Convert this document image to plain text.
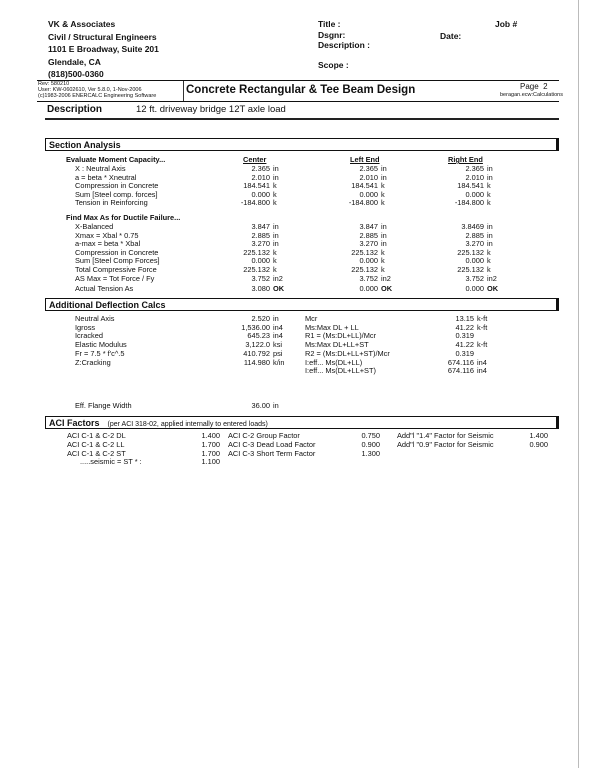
VK & Associates
Civil / Structural Engineers
1101 E Broadway, Suite 201
Glendale, CA
(818)500-0360
Title :
Dsgnr:
Description :
Scope :
Job #
Date:
Rev: 580210
User: KW-0602610, Ver 5.8.0, 1-Nov-2006
(c)1983-2006 ENERCALC Engineering Software	Concrete Rectangular & Tee Beam Design	Page 2
beragan.ecw:Calculations
Description	12 ft. driveway bridge 12T axle load
Section Analysis
Evaluate Moment Capacity...	Center	Left End	Right End
X : Neutral Axis	2.365 in	2.365 in	2.365 in
a = beta * Xneutral	2.010 in	2.010 in	2.010 in
Compression in Concrete	184.541 k	184.541 k	184.541 k
Sum [Steel comp. forces]	0.000 k	0.000 k	0.000 k
Tension in Reinforcing	-184.800 k	-184.800 k	-184.800 k
Find Max As for Ductile Failure...
X-Balanced	3.847 in	3.847 in	3.8469 in
Xmax = Xbal * 0.75	2.885 in	2.885 in	2.885 in
a-max = beta * Xbal	3.270 in	3.270 in	3.270 in
Compression in Concrete	225.132 k	225.132 k	225.132 k
Sum [Steel Comp Forces]	0.000 k	0.000 k	0.000 k
Total Compressive Force	225.132 k	225.132 k	225.132 k
AS Max = Tot Force / Fy	3.752 in2	3.752 in2	3.752 in2
Actual Tension As	3.080 OK	0.000 OK	0.000 OK
Additional Deflection Calcs
Neutral Axis	2.520 in
Igross	1,536.00 in4
Icracked	645.23 in4
Elastic Modulus	3,122.0 ksi
Fr = 7.5 * f'c^.5	410.792 psi
Z:Cracking	114.980 k/in
Mcr	13.15 k-ft
Ms:Max DL + LL	41.22 k-ft
R1 = (Ms:DL+LL)/Mcr	0.319
Ms:Max DL+LL+ST	41.22 k-ft
R2 = (Ms:DL+LL+ST)/Mcr	0.319
I:eff... Ms(DL+LL)	674.116 in4
I:eff... Ms(DL+LL+ST)	674.116 in4
Eff. Flange Width	36.00 in
ACI Factors (per ACI 318-02, applied internally to entered loads)
ACI C-1 & C-2 DL	1.400
ACI C-1 & C-2 LL	1.700
ACI C-1 & C-2 ST	1.700
.....seismic = ST * :	1.100
ACI C-2 Group Factor	0.750
ACI C-3 Dead Load Factor	0.900
ACI C-3 Short Term Factor	1.300
Add"l "1.4" Factor for Seismic	1.400
Add"l "0.9" Factor for Seismic	0.900
